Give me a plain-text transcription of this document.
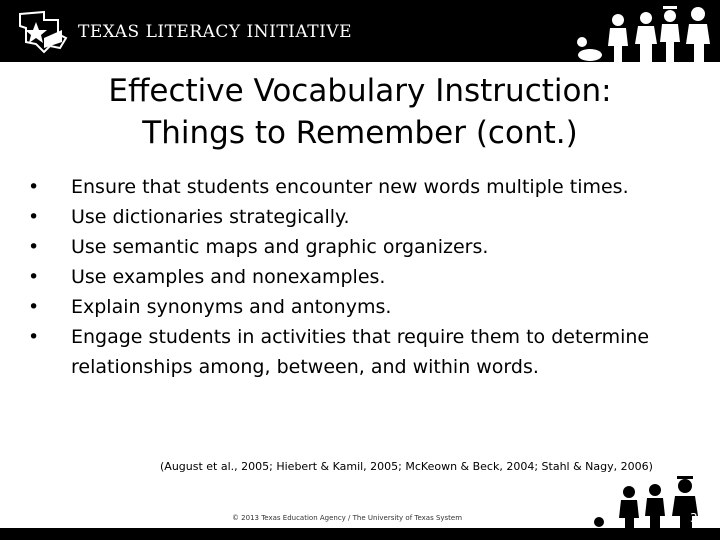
TEXAS LITERACY INITIATIVE
Effective Vocabulary Instruction:
Things to Remember (cont.)
• Ensure that students encounter new words multiple times.
• Use dictionaries strategically.
• Use semantic maps and graphic organizers.
• Use examples and nonexamples.
• Explain synonyms and antonyms.
• Engage students in activities that require them to determine relationships among, between, and within words.
(August et al., 2005; Hiebert & Kamil, 2005; McKeown & Beck, 2004; Stahl & Nagy, 2006)
© 2013 Texas Education Agency / The University of Texas System	32
